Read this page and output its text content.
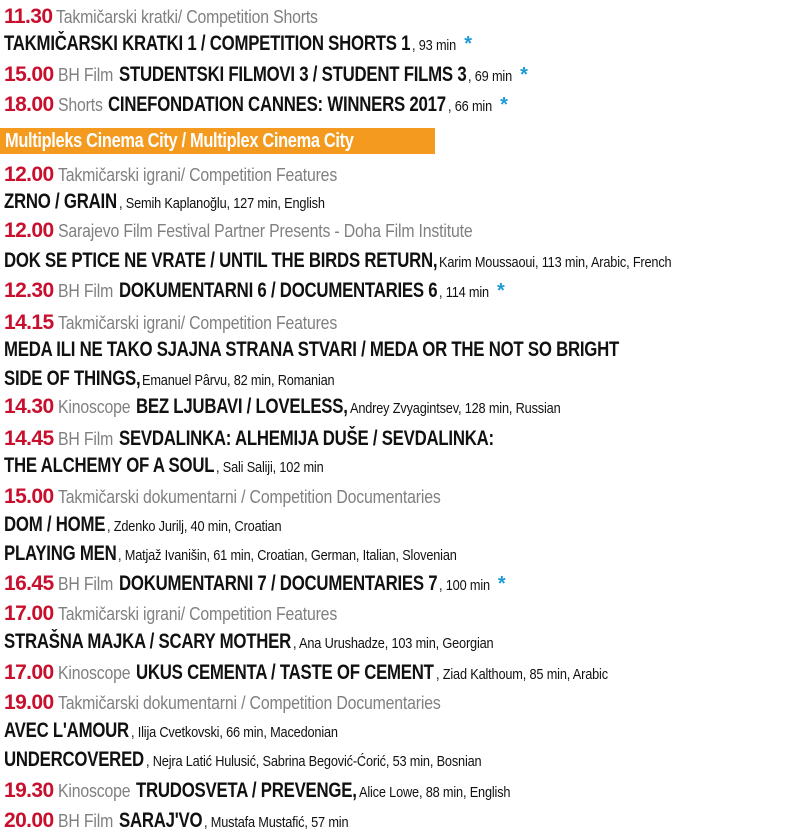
Multipleks Cinema City / Multiplex Cinema City
11.30 Takmičarski kratki/ Competition Shorts
TAKMIČARSKI KRATKI 1 / COMPETITION SHORTS 1 , 93 min *
15.00 BH Film STUDENTSKI FILMOVI 3 / STUDENT FILMS 3 , 69 min *
18.00 Shorts CINEFONDATION CANNES: WINNERS 2017 , 66 min *
12.00 Takmičarski igrani/ Competition Features
ZRNO / GRAIN , Semih Kaplanoğlu, 127 min, English
12.00 Sarajevo Film Festival Partner Presents - Doha Film Institute
DOK SE PTICE NE VRATE / UNTIL THE BIRDS RETURN, Karim Moussaoui, 113 min, Arabic, French
12.30 BH Film DOKUMENTARNI 6 / DOCUMENTARIES 6 , 114 min *
14.15 Takmičarski igrani/ Competition Features
MEDA ILI NE TAKO SJAJNA STRANA STVARI / MEDA OR THE NOT SO BRIGHT
SIDE OF THINGS, Emanuel Pârvu, 82 min, Romanian
14.30 Kinoscope BEZ LJUBAVI / LOVELESS, Andrey Zvyagintsev, 128 min, Russian
14.45 BH Film SEVDALINKA: ALHEMIJA DUŠE / SEVDALINKA:
THE ALCHEMY OF A SOUL , Sali Saliji, 102 min
15.00 Takmičarski dokumentarni / Competition Documentaries
DOM / HOME , Zdenko Jurilj, 40 min, Croatian
PLAYING MEN , Matjaž Ivanišin, 61 min, Croatian, German, Italian, Slovenian
16.45 BH Film DOKUMENTARNI 7 / DOCUMENTARIES 7 , 100 min *
17.00 Takmičarski igrani/ Competition Features
STRAŠNA MAJKA / SCARY MOTHER , Ana Urushadze, 103 min, Georgian
17.00 Kinoscope UKUS CEMENTA / TASTE OF CEMENT , Ziad Kalthoum, 85 min, Arabic
19.00 Takmičarski dokumentarni / Competition Documentaries
AVEC L'AMOUR , Ilija Cvetkovski, 66 min, Macedonian
UNDERCOVERED , Nejra Latić Hulusić, Sabrina Begović-Ćorić, 53 min, Bosnian
19.30 Kinoscope TRUDOSVETA / PREVENGE, Alice Lowe, 88 min, English
20.00 BH Film SARAJ'VO , Mustafa Mustafić, 57 min
